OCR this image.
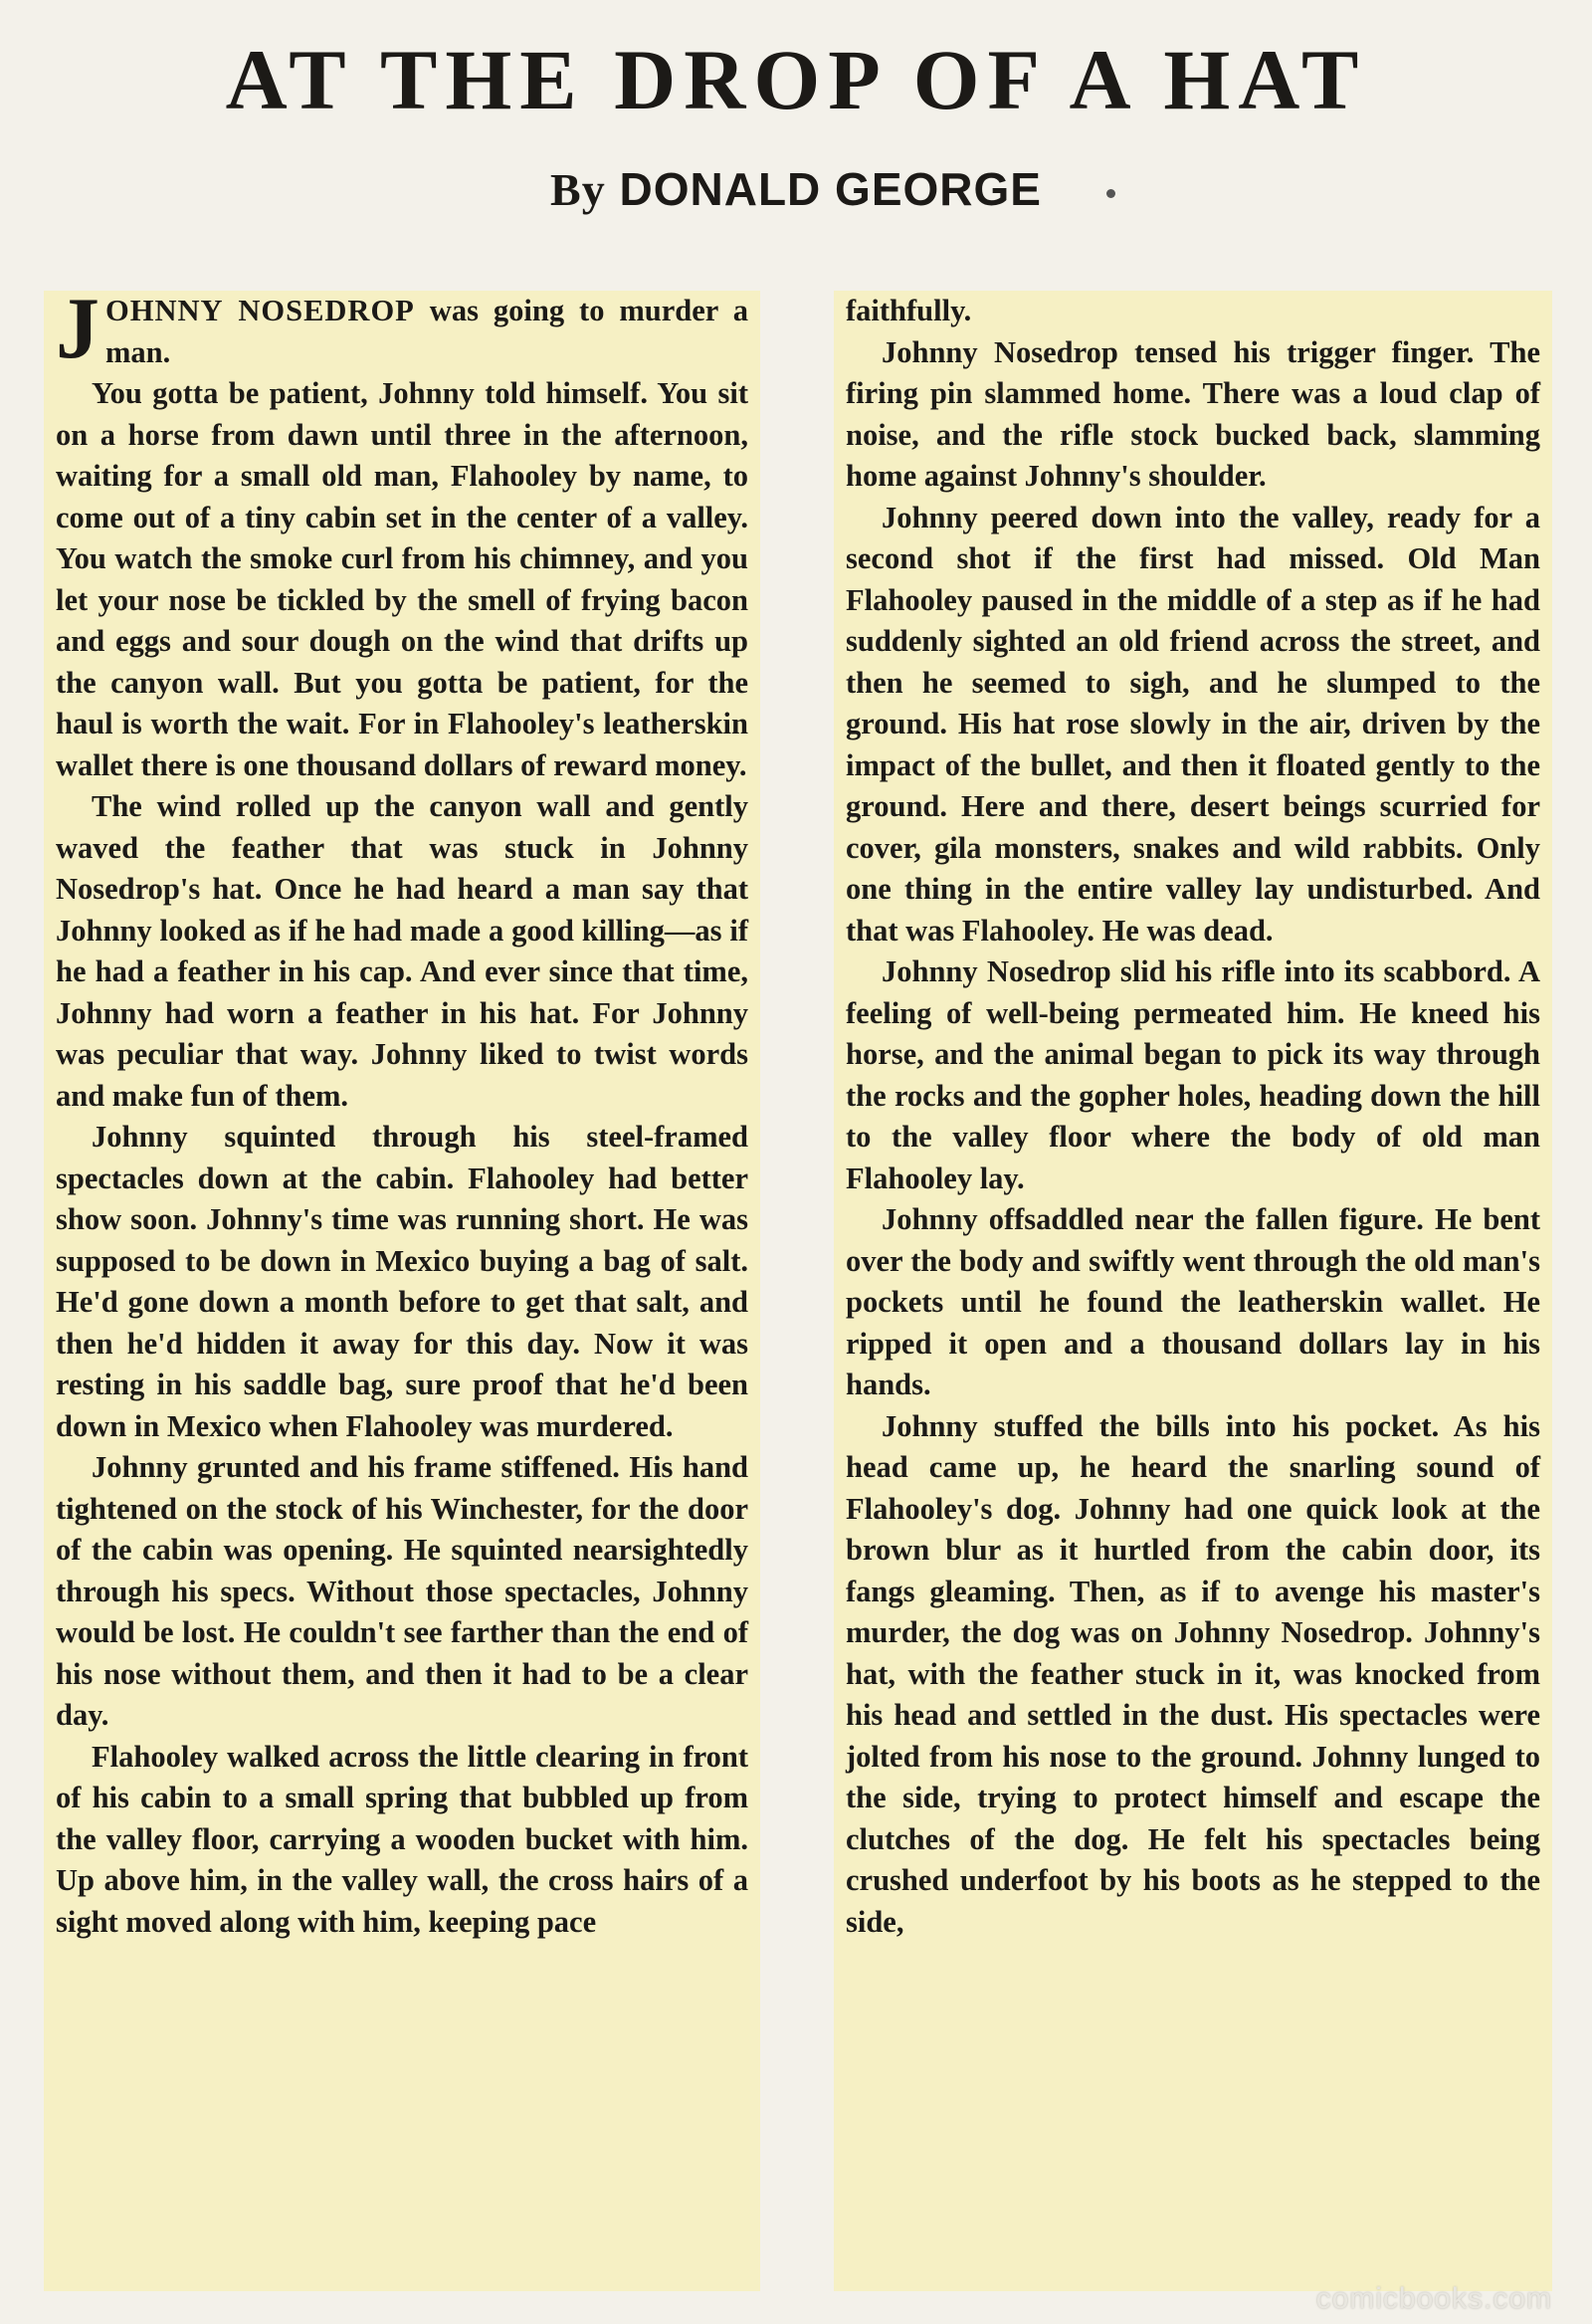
AT THE DROP OF A HAT
By DONALD GEORGE

JOHNNY NOSEDROP was going to murder a man.

You gotta be patient, Johnny told himself. You sit on a horse from dawn until three in the afternoon, waiting for a small old man, Flahooley by name, to come out of a tiny cabin set in the center of a valley. You watch the smoke curl from his chimney, and you let your nose be tickled by the smell of frying bacon and eggs and sour dough on the wind that drifts up the canyon wall. But you gotta be patient, for the haul is worth the wait. For in Flahooley's leatherskin wallet there is one thousand dollars of reward money.

The wind rolled up the canyon wall and gently waved the feather that was stuck in Johnny Nosedrop's hat. Once he had heard a man say that Johnny looked as if he had made a good killing—as if he had a feather in his cap. And ever since that time, Johnny had worn a feather in his hat. For Johnny was peculiar that way. Johnny liked to twist words and make fun of them.

Johnny squinted through his steel-framed spectacles down at the cabin. Flahooley had better show soon. Johnny's time was running short. He was supposed to be down in Mexico buying a bag of salt. He'd gone down a month before to get that salt, and then he'd hidden it away for this day. Now it was resting in his saddle bag, sure proof that he'd been down in Mexico when Flahooley was murdered.

Johnny grunted and his frame stiffened. His hand tightened on the stock of his Winchester, for the door of the cabin was opening. He squinted nearsightedly through his specs. Without those spectacles, Johnny would be lost. He couldn't see farther than the end of his nose without them, and then it had to be a clear day.

Flahooley walked across the little clearing in front of his cabin to a small spring that bubbled up from the valley floor, carrying a wooden bucket with him. Up above him, in the valley wall, the cross hairs of a sight moved along with him, keeping pace

faithfully.

Johnny Nosedrop tensed his trigger finger. The firing pin slammed home. There was a loud clap of noise, and the rifle stock bucked back, slamming home against Johnny's shoulder.

Johnny peered down into the valley, ready for a second shot if the first had missed. Old Man Flahooley paused in the middle of a step as if he had suddenly sighted an old friend across the street, and then he seemed to sigh, and he slumped to the ground. His hat rose slowly in the air, driven by the impact of the bullet, and then it floated gently to the ground. Here and there, desert beings scurried for cover, gila monsters, snakes and wild rabbits. Only one thing in the entire valley lay undisturbed. And that was Flahooley. He was dead.

Johnny Nosedrop slid his rifle into its scabbord. A feeling of well-being permeated him. He kneed his horse, and the animal began to pick its way through the rocks and the gopher holes, heading down the hill to the valley floor where the body of old man Flahooley lay.

Johnny offsaddled near the fallen figure. He bent over the body and swiftly went through the old man's pockets until he found the leatherskin wallet. He ripped it open and a thousand dollars lay in his hands.

Johnny stuffed the bills into his pocket. As his head came up, he heard the snarling sound of Flahooley's dog. Johnny had one quick look at the brown blur as it hurtled from the cabin door, its fangs gleaming. Then, as if to avenge his master's murder, the dog was on Johnny Nosedrop. Johnny's hat, with the feather stuck in it, was knocked from his head and settled in the dust. His spectacles were jolted from his nose to the ground. Johnny lunged to the side, trying to protect himself and escape the clutches of the dog. He felt his spectacles being crushed underfoot by his boots as he stepped to the side,

comicbooks.com
